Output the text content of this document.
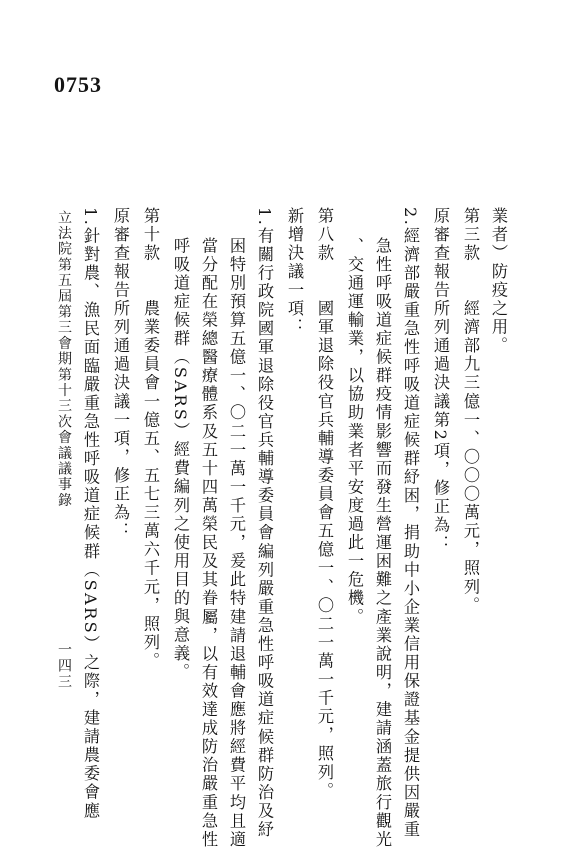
0753
業者）防疫之用。
第三款　　經濟部九三億一、〇〇〇萬元，照列。
原審查報告所列通過決議第2項，修正為：
2.經濟部嚴重急性呼吸道症候群紓困，捐助中小企業信用保證基金提供因嚴重
急性呼吸道症候群疫情影響而發生營運困難之產業說明，建請涵蓋旅行觀光
、交通運輸業，以協助業者平安度過此一危機。
第八款　　國軍退除役官兵輔導委員會五億一、〇二一萬一千元，照列。
新增決議一項：
1.有關行政院國軍退除役官兵輔導委員會編列嚴重急性呼吸道症候群防治及紓
困特別預算五億一、〇二一萬一千元，爰此特建請退輔會應將經費平均且適
當分配在榮總醫療體系及五十四萬榮民及其眷屬，以有效達成防治嚴重急性
呼吸道症候群（SARS）經費編列之使用目的與意義。
第十款　　農業委員會一億五、五七三萬六千元，照列。
原審查報告所列通過決議一項，修正為：
1.針對農、漁民面臨嚴重急性呼吸道症候群（SARS）之際，建請農委會應
立法院第五屆第三會期第十三次會議議事錄
一四三
